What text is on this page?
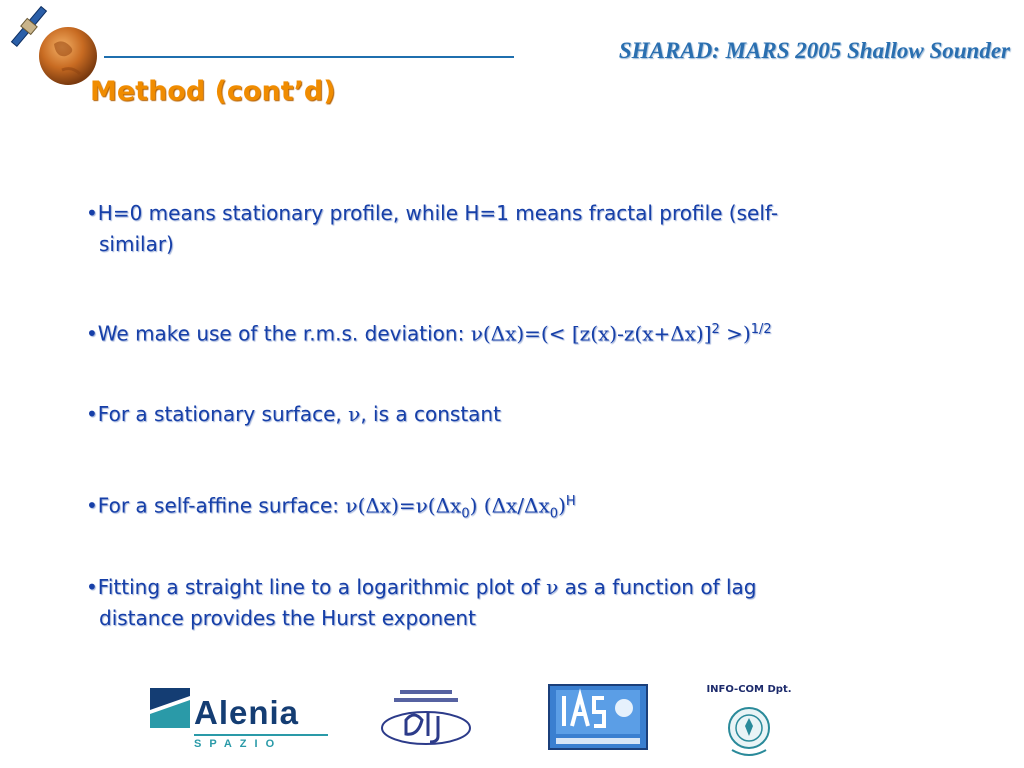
SHARAD: MARS 2005 Shallow Sounder
Method (cont’d)
•H=0 means stationary profile, while H=1 means fractal profile (self-
similar)
•We make use of the r.m.s. deviation: $\nu(\Delta x)=(< [z(x)-z(x+\Delta x)]^2 >)^{1/2}$
•For a stationary surface, ν, is a constant
•For a self-affine surface: $\nu(\Delta x)=\nu(\Delta x_0)$ $(\Delta x/\Delta x_0)^H$
•Fitting a straight line to a logarithmic plot of ν as a function of lag
distance provides the Hurst exponent
Alenia
SPAZIO
INFO-COM Dpt.
